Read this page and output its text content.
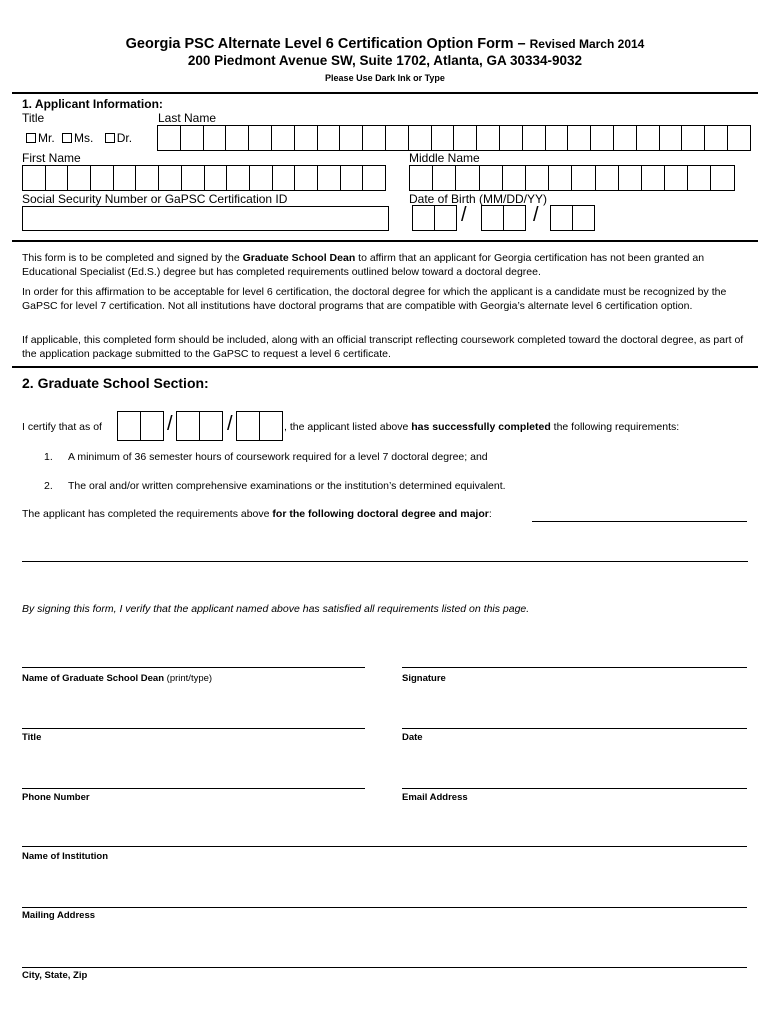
Georgia PSC Alternate Level 6 Certification Option Form – Revised March 2014
200 Piedmont Avenue SW, Suite 1702, Atlanta, GA 30334-9032
Please Use Dark Ink or Type
1. Applicant Information:
Title	Last Name
Mr. Ms. Dr.
First Name	Middle Name
Social Security Number or GaPSC Certification ID	Date of Birth (MM/DD/YY)
/	/
This form is to be completed and signed by the Graduate School Dean to affirm that an applicant for Georgia certification has not been granted an Educational Specialist (Ed.S.) degree but has completed requirements outlined below toward a doctoral degree.
In order for this affirmation to be acceptable for level 6 certification, the doctoral degree for which the applicant is a candidate must be recognized by the GaPSC for level 7 certification. Not all institutions have doctoral programs that are compatible with Georgia’s alternate level 6 certification option.
If applicable, this completed form should be included, along with an official transcript reflecting coursework completed toward the doctoral degree, as part of the application package submitted to the GaPSC to request a level 6 certificate.
2. Graduate School Section:
I certify that as of	/	/	, the applicant listed above has successfully completed the following requirements:
1. A minimum of 36 semester hours of coursework required for a level 7 doctoral degree; and
2. The oral and/or written comprehensive examinations or the institution’s determined equivalent.
The applicant has completed the requirements above for the following doctoral degree and major:
By signing this form, I verify that the applicant named above has satisfied all requirements listed on this page.
Name of Graduate School Dean (print/type)	Signature
Title	Date
Phone Number	Email Address
Name of Institution
Mailing Address
City, State, Zip
